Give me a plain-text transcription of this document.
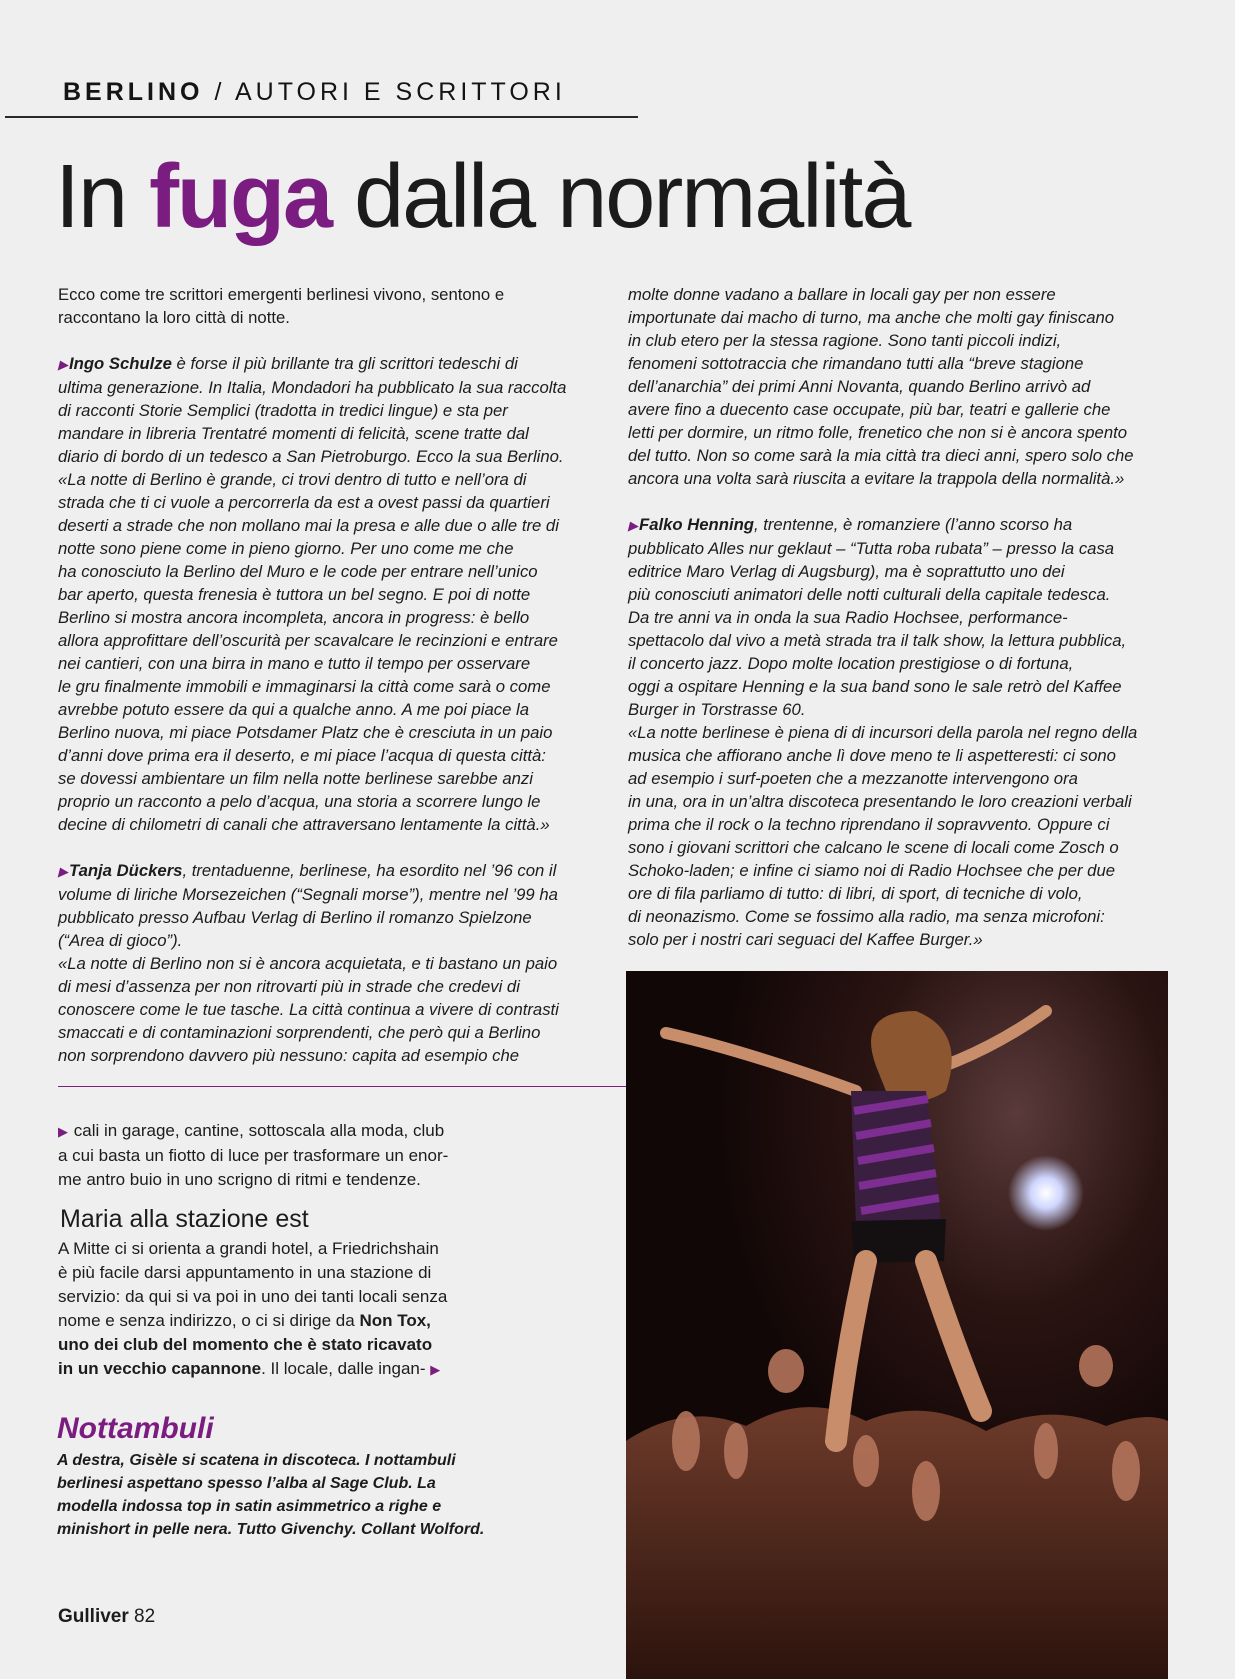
BERLINO / AUTORI E SCRITTORI
In fuga dalla normalità

Ecco come tre scrittori emergenti berlinesi vivono, sentono e

raccontano la loro città di notte.

▶Ingo Schulze è forse il più brillante tra gli scrittori tedeschi di

ultima generazione. In Italia, Mondadori ha pubblicato la sua raccolta

di racconti Storie Semplici (tradotta in tredici lingue) e sta per

mandare in libreria Trentatré momenti di felicità, scene tratte dal

diario di bordo di un tedesco a San Pietroburgo. Ecco la sua Berlino.

«La notte di Berlino è grande, ci trovi dentro di tutto e nell’ora di

strada che ti ci vuole a percorrerla da est a ovest passi da quartieri

deserti a strade che non mollano mai la presa e alle due o alle tre di

notte sono piene come in pieno giorno. Per uno come me che

ha conosciuto la Berlino del Muro e le code per entrare nell’unico

bar aperto, questa frenesia è tuttora un bel segno. E poi di notte

Berlino si mostra ancora incompleta, ancora in progress: è bello

allora approfittare dell’oscurità per scavalcare le recinzioni e entrare

nei cantieri, con una birra in mano e tutto il tempo per osservare

le gru finalmente immobili e immaginarsi la città come sarà o come

avrebbe potuto essere da qui a qualche anno. A me poi piace la

Berlino nuova, mi piace Potsdamer Platz che è cresciuta in un paio

d’anni dove prima era il deserto, e mi piace l’acqua di questa città:

se dovessi ambientare un film nella notte berlinese sarebbe anzi

proprio un racconto a pelo d’acqua, una storia a scorrere lungo le

decine di chilometri di canali che attraversano lentamente la città.»

▶Tanja Dückers, trentaduenne, berlinese, ha esordito nel ’96 con il

volume di liriche Morsezeichen (“Segnali morse”), mentre nel ’99 ha

pubblicato presso Aufbau Verlag di Berlino il romanzo Spielzone

(“Area di gioco”).

«La notte di Berlino non si è ancora acquietata, e ti bastano un paio

di mesi d’assenza per non ritrovarti più in strade che credevi di

conoscere come le tue tasche. La città continua a vivere di contrasti

smaccati e di contaminazioni sorprendenti, che però qui a Berlino

non sorprendono davvero più nessuno: capita ad esempio che

molte donne vadano a ballare in locali gay per non essere

importunate dai macho di turno, ma anche che molti gay finiscano

in club etero per la stessa ragione. Sono tanti piccoli indizi,

fenomeni sottotraccia che rimandano tutti alla “breve stagione

dell’anarchia” dei primi Anni Novanta, quando Berlino arrivò ad

avere fino a duecento case occupate, più bar, teatri e gallerie che

letti per dormire, un ritmo folle, frenetico che non si è ancora spento

del tutto. Non so come sarà la mia città tra dieci anni, spero solo che

ancora una volta sarà riuscita a evitare la trappola della normalità.»

▶Falko Henning, trentenne, è romanziere (l’anno scorso ha

pubblicato Alles nur geklaut – “Tutta roba rubata” – presso la casa

editrice Maro Verlag di Augsburg), ma è soprattutto uno dei

più conosciuti animatori delle notti culturali della capitale tedesca.

Da tre anni va in onda la sua Radio Hochsee, performance-

spettacolo dal vivo a metà strada tra il talk show, la lettura pubblica,

il concerto jazz. Dopo molte location prestigiose o di fortuna,

oggi a ospitare Henning e la sua band sono le sale retrò del Kaffee

Burger in Torstrasse 60.

«La notte berlinese è piena di di incursori della parola nel regno della

musica che affiorano anche lì dove meno te li aspetteresti: ci sono

ad esempio i surf-poeten che a mezzanotte intervengono ora

in una, ora in un’altra discoteca presentando le loro creazioni verbali

prima che il rock o la techno riprendano il sopravvento. Oppure ci

sono i giovani scrittori che calcano le scene di locali come Zosch o

Schoko-laden; e infine ci siamo noi di Radio Hochsee che per due

ore di fila parliamo di tutto: di libri, di sport, di tecniche di volo,

di neonazismo. Come se fossimo alla radio, ma senza microfoni:

solo per i nostri cari seguaci del Kaffee Burger.»

▶ cali in garage, cantine, sottoscala alla moda, club

a cui basta un fiotto di luce per trasformare un enor-

me antro buio in uno scrigno di ritmi e tendenze.

Maria alla stazione est

A Mitte ci si orienta a grandi hotel, a Friedrichshain

è più facile darsi appuntamento in una stazione di

servizio: da qui si va poi in uno dei tanti locali senza

nome e senza indirizzo, o ci si dirige da Non Tox,

uno dei club del momento che è stato ricavato

in un vecchio capannone. Il locale, dalle ingan- ▶

Nottambuli
A destra, Gisèle si scatena in discoteca. I nottambuli
berlinesi aspettano spesso l’alba al Sage Club. La
modella indossa top in satin asimmetrico a righe e
minishort in pelle nera. Tutto Givenchy. Collant Wolford.
Gulliver 82
